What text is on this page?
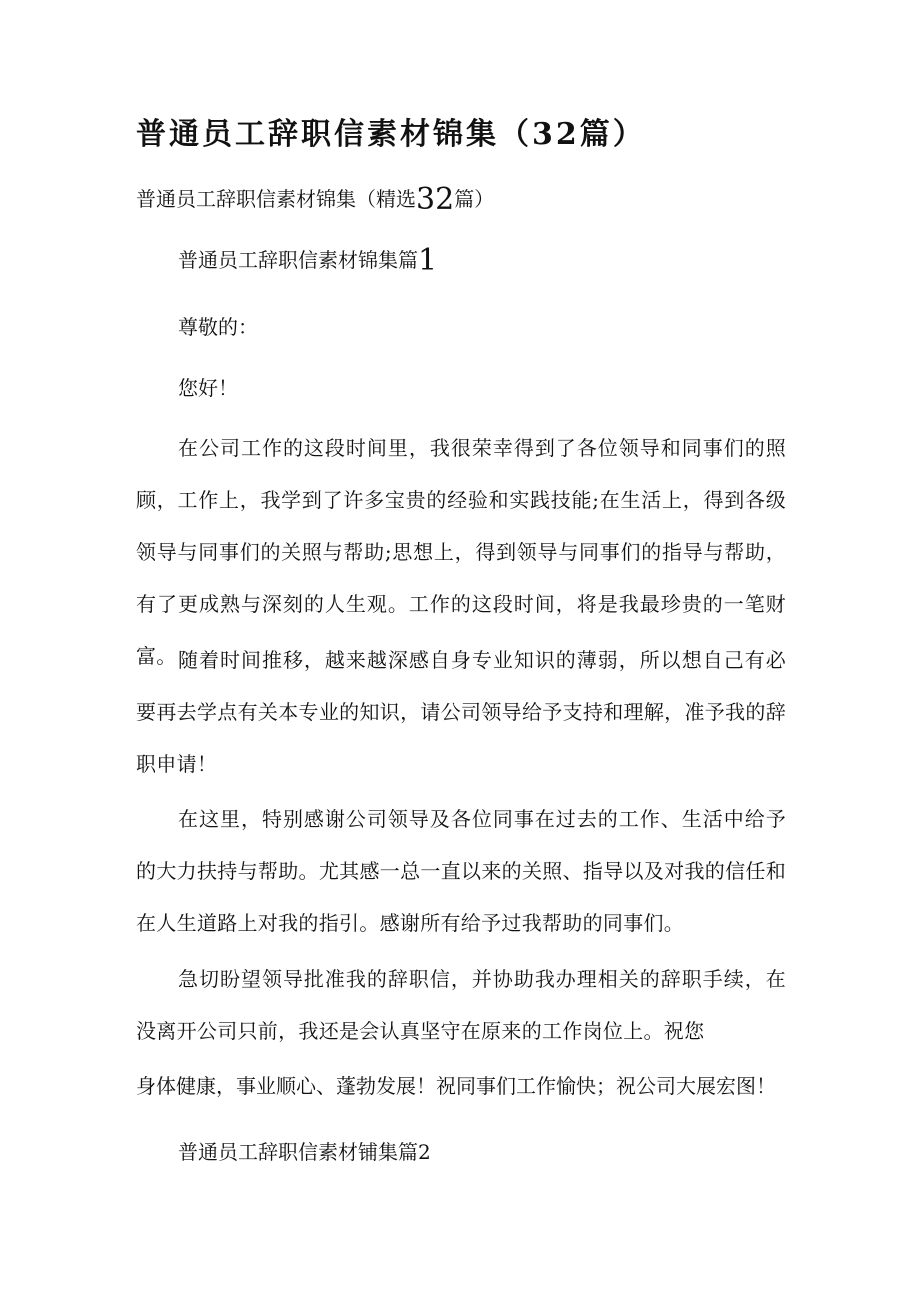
普通员工辞职信素材锦集（32篇）

普通员工辞职信素材锦集（精选32篇）

普通员工辞职信素材锦集篇1

尊敬的：

您好！

在公司工作的这段时间里，我很荣幸得到了各位领导和同事们的照顾，工作上，我学到了许多宝贵的经验和实践技能;在生活上，得到各级领导与同事们的关照与帮助;思想上，得到领导与同事们的指导与帮助，有了更成熟与深刻的人生观。工作的这段时间，将是我最珍贵的一笔财富。 随着时间推移，越来越深感自身专业知识的薄弱，所以想自己有必要再去学点有关本专业的知识，请公司领导给予支持和理解，准予我的辞职申请！

在这里，特别感谢公司领导及各位同事在过去的工作、生活中给予的大力扶持与帮助。尤其感一总一直以来的关照、指导以及对我的信任和在人生道路上对我的指引。感谢所有给予过我帮助的同事们。

急切盼望领导批准我的辞职信，并协助我办理相关的辞职手续，在没离开公司只前，我还是会认真坚守在原来的工作岗位上。祝您

身体健康，事业顺心、蓬勃发展！祝同事们工作愉快；祝公司大展宏图！

普通员工辞职信素材铺集篇2
